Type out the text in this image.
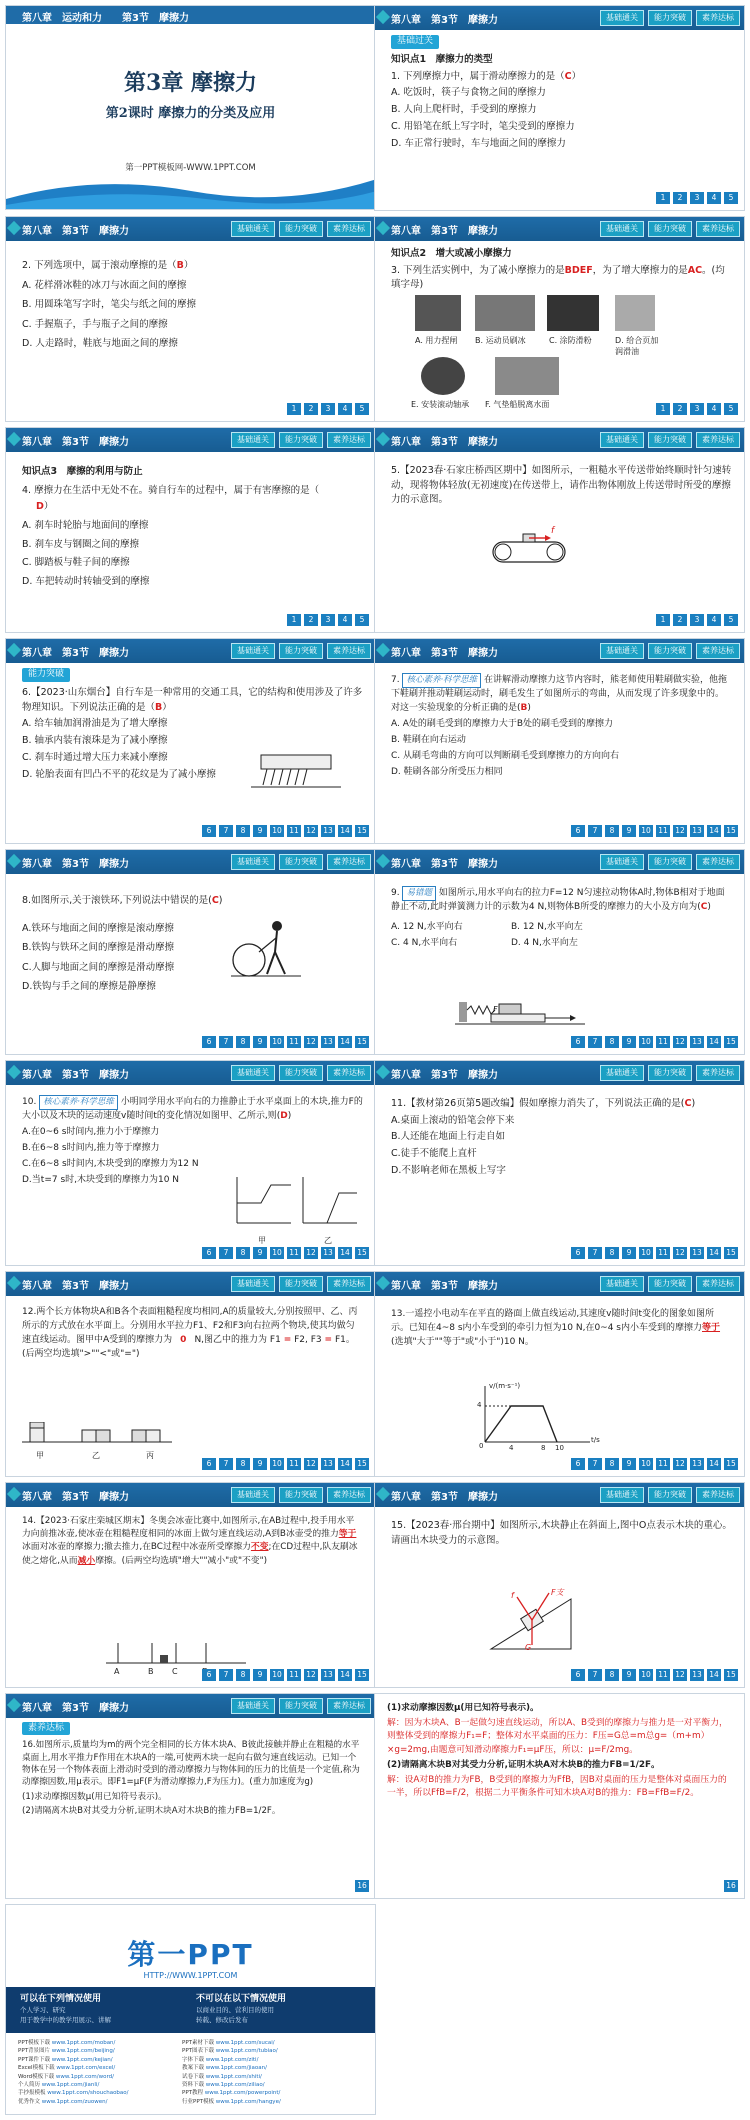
第八章　运动和力　　第3节　摩擦力
第3章 摩擦力
第2课时 摩擦力的分类及应用
第一PPT模板网-WWW.1PPT.COM
第八章　第3节　摩擦力	基础通关	能力突破	素养达标
基础过关

知识点1　摩擦力的类型

1. 下列摩擦力中，属于滑动摩擦力的是（C）

A. 吃饭时，筷子与食物之间的摩擦力

B. 人向上爬杆时，手受到的摩擦力

C. 用铅笔在纸上写字时，笔尖受到的摩擦力

D. 车正常行驶时，车与地面之间的摩擦力

1	2	3	4	5
第八章　第3节　摩擦力	基础通关	能力突破	素养达标

2. 下列选项中，属于滚动摩擦的是（B）

A. 花样滑冰鞋的冰刀与冰面之间的摩擦

B. 用圆珠笔写字时，笔尖与纸之间的摩擦

C. 手握瓶子，手与瓶子之间的摩擦

D. 人走路时，鞋底与地面之间的摩擦

1	2	3	4	5
第八章　第3节　摩擦力	基础通关	能力突破	素养达标

知识点2　增大或减小摩擦力

3. 下列生活实例中，为了减小摩擦力的是BDEF，为了增大摩擦力的是AC。(均填字母)

A. 用力捏闸 B. 运动员刷冰	C. 涂防滑粉	D. 给合页加润滑油
E. 安装滚动轴承 F. 气垫船脱离水面	1	2	3	4	5
第八章　第3节　摩擦力	基础通关	能力突破	素养达标

知识点3　摩擦的利用与防止

4. 摩擦力在生活中无处不在。骑自行车的过程中，属于有害摩擦的是（
D）

A. 刹车时轮胎与地面间的摩擦

B. 刹车皮与钢圈之间的摩擦

C. 脚踏板与鞋子间的摩擦

D. 车把转动时转轴受到的摩擦

1	2	3	4	5
第八章　第3节　摩擦力	基础通关	能力突破	素养达标

5.【2023春·石家庄桥西区期中】如图所示，一粗糙水平传送带始终顺时针匀速转动，现将物体轻放(无初速度)在传送带上，请作出物体刚放上传送带时所受的摩擦力的示意图。

f
1	2	3	4	5
第八章　第3节　摩擦力	基础通关	能力突破	素养达标
能力突破

6.【2023·山东烟台】自行车是一种常用的交通工具，它的结构和使用涉及了许多物理知识。下列说法正确的是（B）

A. 给车轴加润滑油是为了增大摩擦

B. 轴承内装有滚珠是为了减小摩擦

C. 刹车时通过增大压力来减小摩擦

D. 轮胎表面有凹凸不平的花纹是为了减小摩擦

6	7	8	9	10 11 12 13 14 15
第八章　第3节　摩擦力	基础通关	能力突破	素养达标

7. 核心素养·科学思维 在讲解滑动摩擦力这节内容时，熊老师使用鞋刷做实验，他拖下鞋刷并推动鞋刷运动时，刷毛发生了如图所示的弯曲，从而发现了许多现象中的。对这一实验现象的分析正确的是(B)

A. A处的刷毛受到的摩擦力大于B处的刷毛受到的摩擦力

B. 鞋刷在向右运动

C. 从刷毛弯曲的方向可以判断刷毛受到摩擦力的方向向右

D. 鞋刷各部分所受压力相同

6	7	8	9	10 11 12 13 14 15
第八章　第3节　摩擦力	基础通关	能力突破	素养达标

8.如图所示,关于滚铁环,下列说法中错误的是(C)

A.铁环与地面之间的摩擦是滚动摩擦

B.铁钩与铁环之间的摩擦是滑动摩擦

C.人脚与地面之间的摩擦是滑动摩擦

D.铁钩与手之间的摩擦是静摩擦

6	7	8	9	10 11 12 13 14 15
第八章　第3节　摩擦力	基础通关	能力突破	素养达标

9. 易错题 如图所示,用水平向右的拉力F=12 N匀速拉动物体A时,物体B相对于地面静止不动,此时弹簧测力计的示数为4 N,则物体B所受的摩擦力的大小及方向为(C)

A. 12 N,水平向右	B. 12 N,水平向左

C. 4 N,水平向右	D. 4 N,水平向左

F
6	7	8	9	10 11 12 13 14 15
第八章　第3节　摩擦力	基础通关	能力突破	素养达标

10. 核心素养·科学思维 小明同学用水平向右的力推静止于水平桌面上的木块,推力F的大小以及木块的运动速度v随时间t的变化情况如图甲、乙所示,则(D)

A.在0~6 s时间内,推力小于摩擦力

B.在6~8 s时间内,推力等于摩擦力

C.在6~8 s时间内,木块受到的摩擦力为12 N

D.当t=7 s时,木块受到的摩擦力为10 N

甲	乙
6	7	8	9	10 11 12 13 14 15
第八章　第3节　摩擦力	基础通关	能力突破	素养达标

11.【教材第26页第5题改编】假如摩擦力消失了，下列说法正确的是(C)

A.桌面上滚动的铅笔会停下来

B.人还能在地面上行走自如

C.徒手不能爬上直杆

D.不影响老师在黑板上写字

6	7	8	9	10 11 12 13 14 15
第八章　第3节　摩擦力	基础通关	能力突破	素养达标

12.两个长方体物块A和B各个表面粗糙程度均相同,A的质量较大,分别按照甲、乙、丙所示的方式放在水平面上。分别用水平拉力F1、F2和F3向右拉两个物块,使其均做匀速直线运动。图甲中A受到的摩擦力为 0 N,图乙中的推力为 F1 = F2, F3 = F1。(后两空均选填">""<"或"=")

甲	乙	丙
6	7	8	9	10 11 12 13 14 15
第八章　第3节　摩擦力	基础通关	能力突破	素养达标

13.一遥控小电动车在平直的路面上做直线运动,其速度v随时间t变化的图象如图所示。已知在4~8 s内小车受到的牵引力恒为10 N,在0~4 s内小车受到的摩擦力等于(选填"大于""等于"或"小于")10 N。

v/(m·s⁻¹)
t/s
4
0	4	8 10
6	7	8	9	10 11 12 13 14 15
第八章　第3节　摩擦力	基础通关	能力突破	素养达标

14.【2023·石家庄栾城区期末】冬奥会冰壶比赛中,如图所示,在AB过程中,投手用水平力向前推冰壶,使冰壶在粗糙程度相同的冰面上做匀速直线运动,A到B冰壶受的推力等于冰面对冰壶的摩擦力;撤去推力,在BC过程中冰壶所受摩擦力不变;在CD过程中,队友刷冰使之熔化,从而减小摩擦。(后两空均选填"增大""减小"或"不变")

A	B C	6	7	8	9	10 11 12 13 14 15
第八章　第3节　摩擦力	基础通关	能力突破	素养达标

15.【2023春·邢台期中】如图所示,木块静止在斜面上,图中O点表示木块的重心。请画出木块受力的示意图。

f	F支
G
6	7	8	9	10 11 12 13 14 15
第八章　第3节　摩擦力	基础通关	能力突破	素养达标
素养达标

16.如图所示,质量均为m的两个完全相同的长方体木块A、B彼此接触并静止在粗糙的水平桌面上,用水平推力F作用在木块A的一端,可使两木块一起向右做匀速直线运动。已知一个物体在另一个物体表面上滑动时受到的滑动摩擦力与物体间的压力的比值是一个定值,称为动摩擦因数,用μ表示。即F1=μF(F为滑动摩擦力,F为压力)。(重力加速度为g)

(1)求动摩擦因数μ(用已知符号表示)。

(2)请隔离木块B对其受力分析,证明木块A对木块B的推力FB=1/2F。

16

(1)求动摩擦因数μ(用已知符号表示)。

解：因为木块A、B一起做匀速直线运动，所以A、B受到的摩擦力与推力是一对平衡力，则整体受到的摩擦力F₁=F；整体对水平桌面的压力：F压=G总=m总g=（m+m）×g=2mg,由题意可知滑动摩擦力F₁=μF压，所以：μ=F/2mg。

(2)请隔离木块B对其受力分析,证明木块A对木块B的推力FB=1/2F。

解：设A对B的推力为FB，B受到的摩擦力为FfB，因B对桌面的压力是整体对桌面压力的一半，所以FfB=F/2，根据二力平衡条件可知木块A对B的推力：FB=FfB=F/2。

16
第一PPT
HTTP://WWW.1PPT.COM
可以在下列情况使用
个人学习、研究
用于教学中的教学用展示、讲解
不可以在以下情况使用
以商业目的、营利目的使用
转载、修改后发布
PPT模板下载 www.1ppt.com/moban/
PPT背景图片 www.1ppt.com/beijing/
PPT课件下载 www.1ppt.com/kejian/
Excel模板下载 www.1ppt.com/excel/
Word模板下载 www.1ppt.com/word/
个人简历 www.1ppt.com/jianli/
手抄报模板 www.1ppt.com/shouchaobao/
优秀作文 www.1ppt.com/zuowen/
PPT素材下载 www.1ppt.com/sucai/
PPT图表下载 www.1ppt.com/tubiao/
字体下载 www.1ppt.com/ziti/
教案下载 www.1ppt.com/jiaoan/
试卷下载 www.1ppt.com/shiti/
资料下载 www.1ppt.com/ziliao/
PPT教程 www.1ppt.com/powerpoint/
行业PPT模板 www.1ppt.com/hangye/
